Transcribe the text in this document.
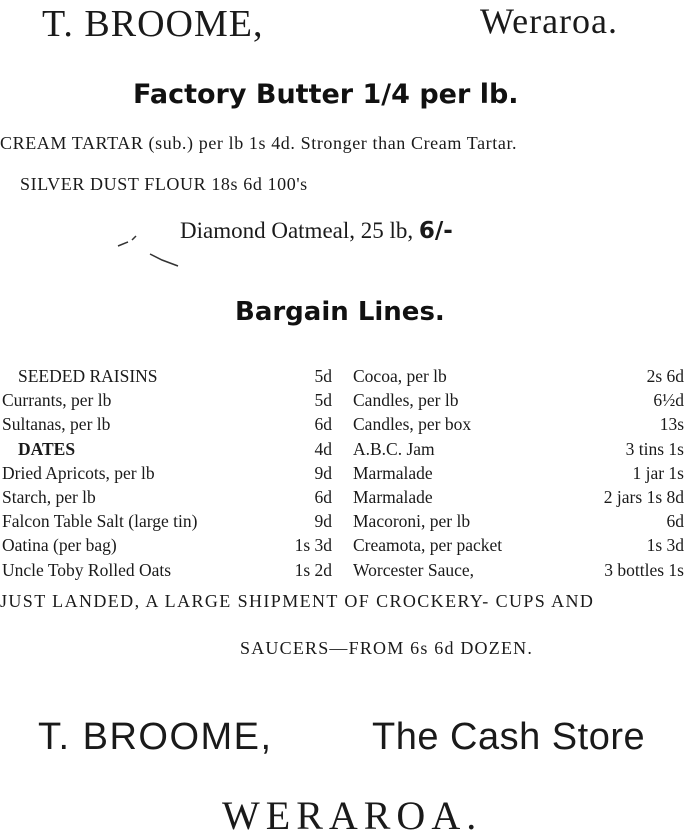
T. BROOME,	Weraroa.
Factory Butter 1/4 per lb.
CREAM TARTAR (sub.) per lb 1s 4d. Stronger than Cream Tartar.
SILVER DUST FLOUR 18s 6d 100's
Diamond Oatmeal, 25 lb, 6/-
Bargain Lines.
SEEDED RAISINS	5d Cocoa, per lb	2s 6d
Currants, per lb	5d Candles, per lb	6½d
Sultanas, per lb	6d Candles, per box	13s
DATES	4d A.B.C. Jam	3 tins 1s
Dried Apricots, per lb	9d Marmalade	1 jar 1s
Starch, per lb	6d Marmalade	2 jars 1s 8d
Falcon Table Salt (large tin)	9d Macoroni, per lb	6d
Oatina (per bag)	1s 3d Creamota, per packet	1s 3d
Uncle Toby Rolled Oats	1s 2d Worcester Sauce,	3 bottles 1s
JUST LANDED, A LARGE SHIPMENT OF CROCKERY- CUPS AND
SAUCERS—FROM 6s 6d DOZEN.
T. BROOME,	The Cash Store
WERAROA.
